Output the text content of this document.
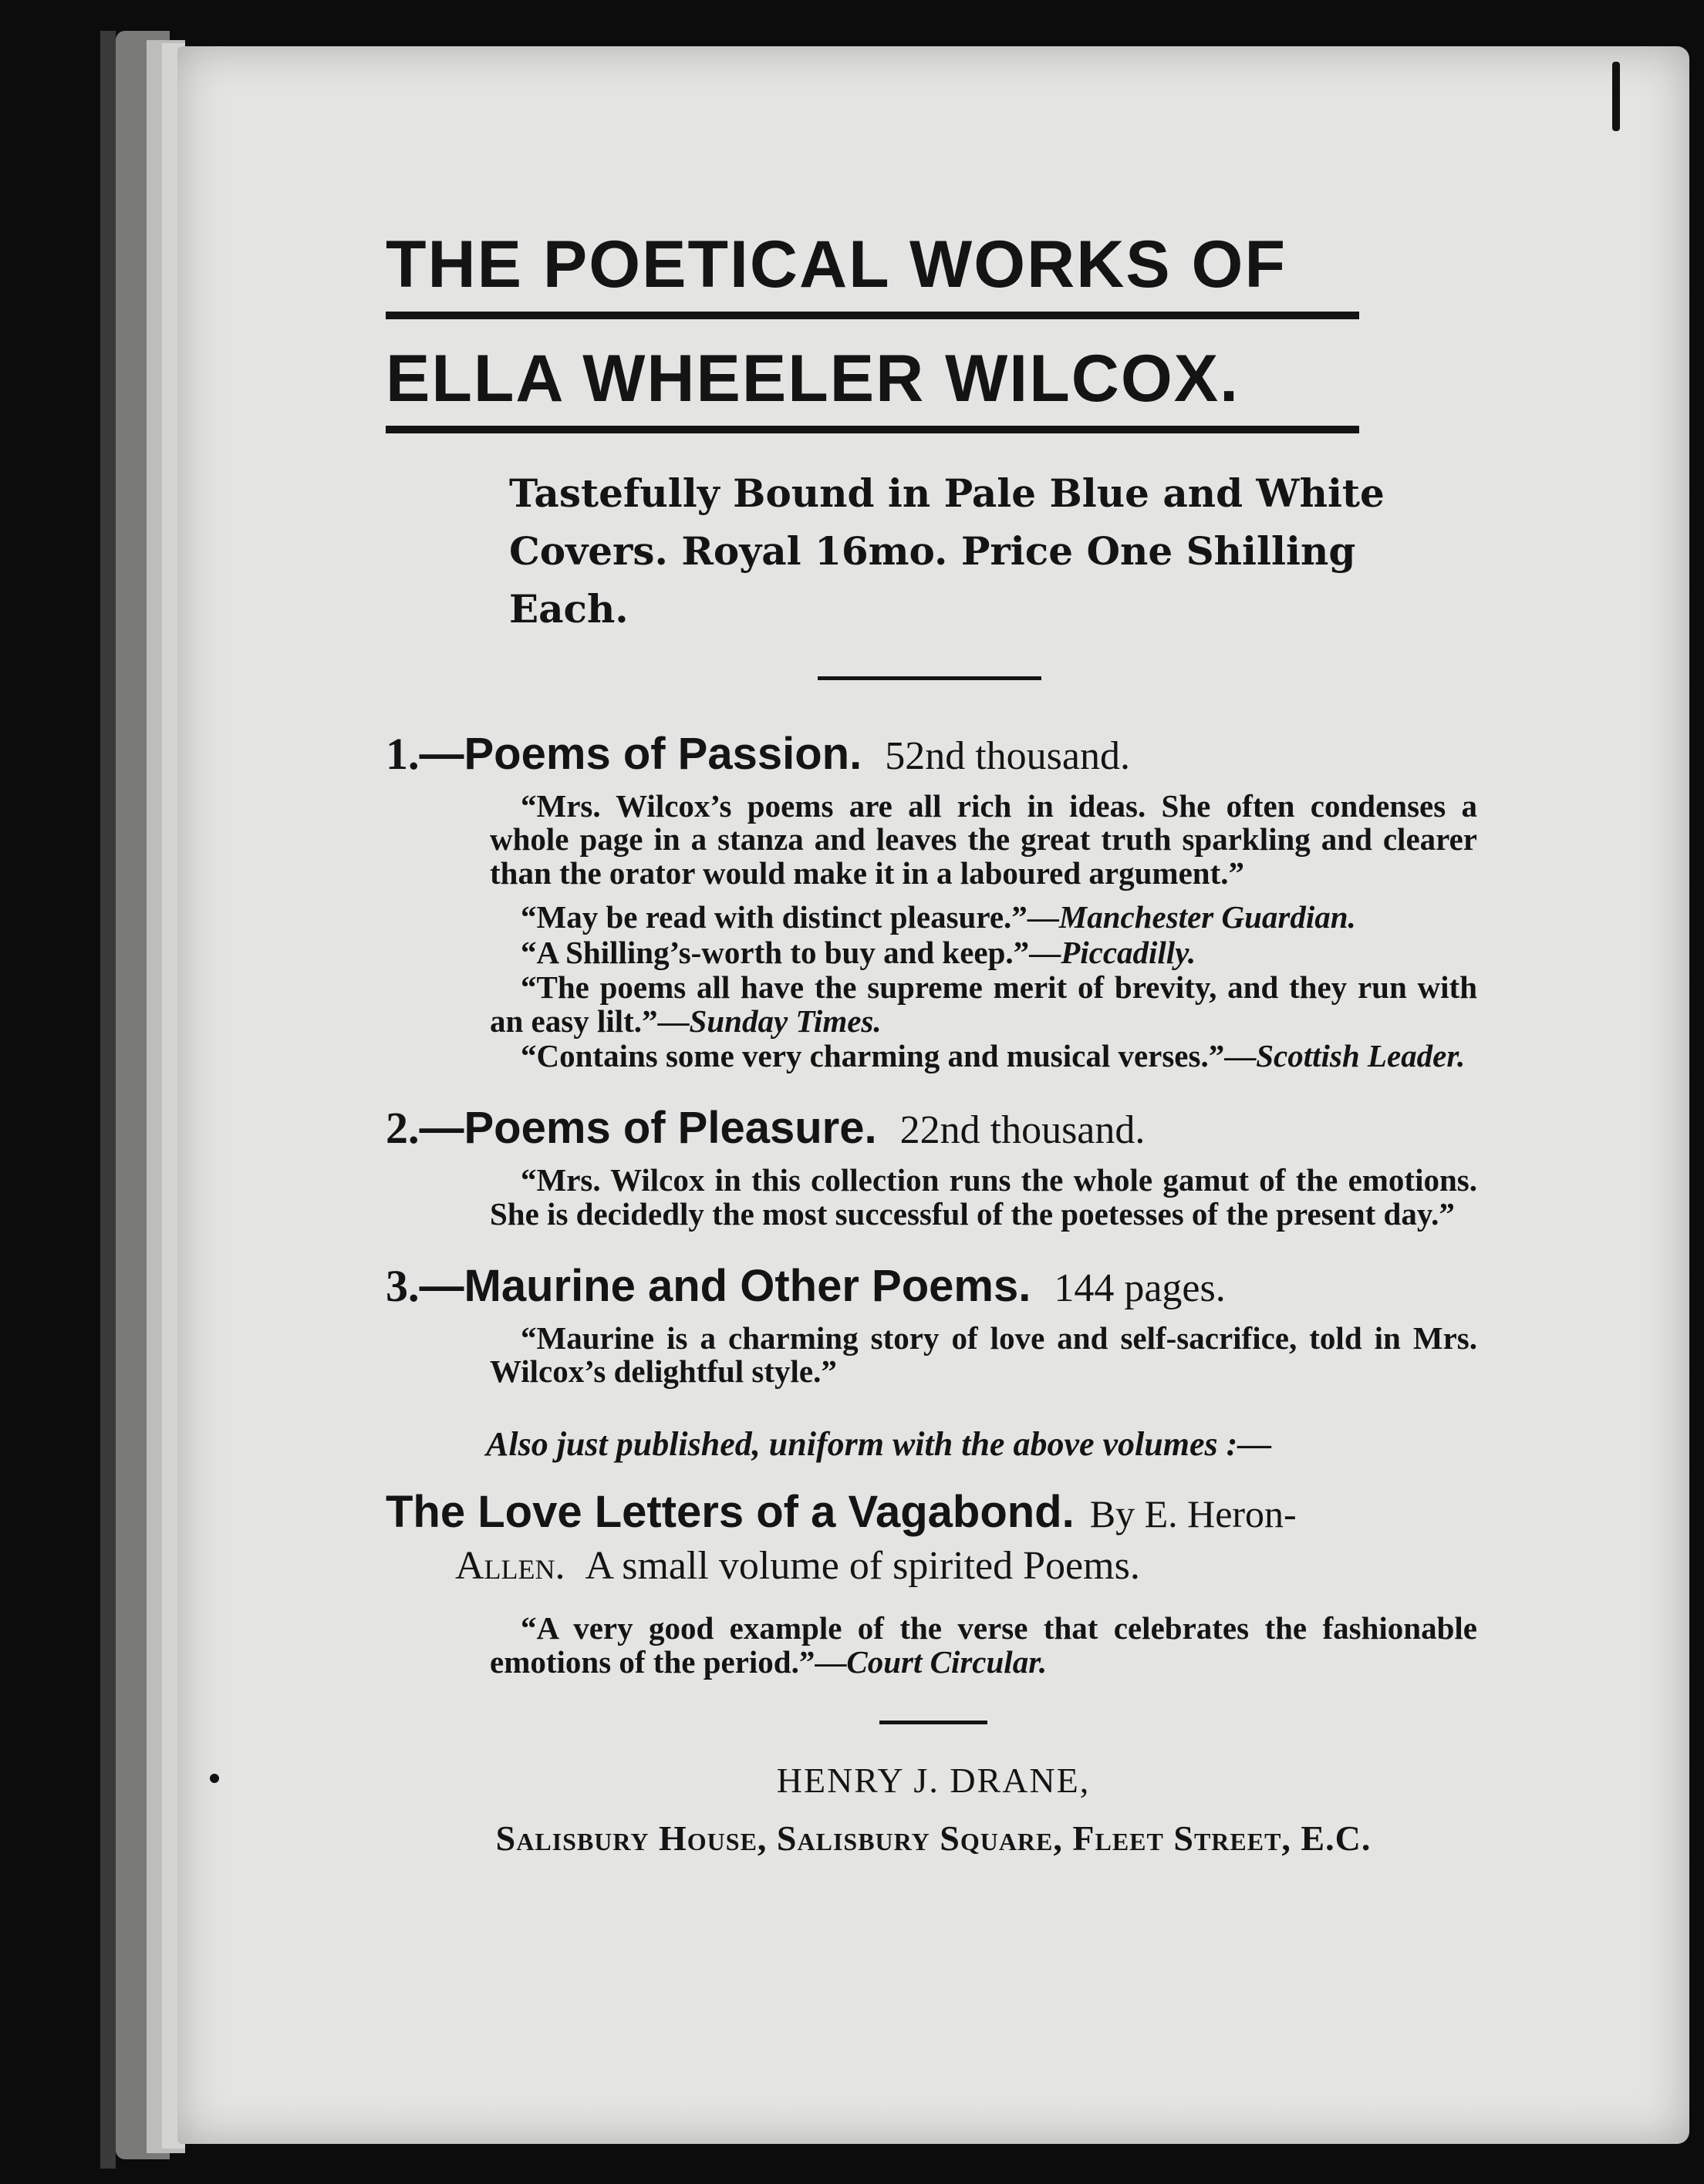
THE POETICAL WORKS OF
ELLA WHEELER WILCOX.
Tastefully Bound in Pale Blue and White
Covers. Royal 16mo. Price One Shilling Each.
1.—Poems of Passion. 52nd thousand.
“Mrs. Wilcox’s poems are all rich in ideas. She often condenses a whole page in a stanza and leaves the great truth sparkling and clearer than the orator would make it in a laboured argument.”
“May be read with distinct pleasure.”—Manchester Guardian.
“A Shilling’s-worth to buy and keep.”—Piccadilly.
“The poems all have the supreme merit of brevity, and they run with an easy lilt.”—Sunday Times.
“Contains some very charming and musical verses.”—Scottish Leader.
2.—Poems of Pleasure. 22nd thousand.
“Mrs. Wilcox in this collection runs the whole gamut of the emotions. She is decidedly the most successful of the poetesses of the present day.”
3.—Maurine and Other Poems. 144 pages.
“Maurine is a charming story of love and self-sacrifice, told in Mrs. Wilcox’s delightful style.”
Also just published, uniform with the above volumes :—
The Love Letters of a Vagabond. By E. Heron-
Allen. A small volume of spirited Poems.
“A very good example of the verse that celebrates the fashionable emotions of the period.”—Court Circular.
HENRY J. DRANE,
Salisbury House, Salisbury Square, Fleet Street, E.C.
